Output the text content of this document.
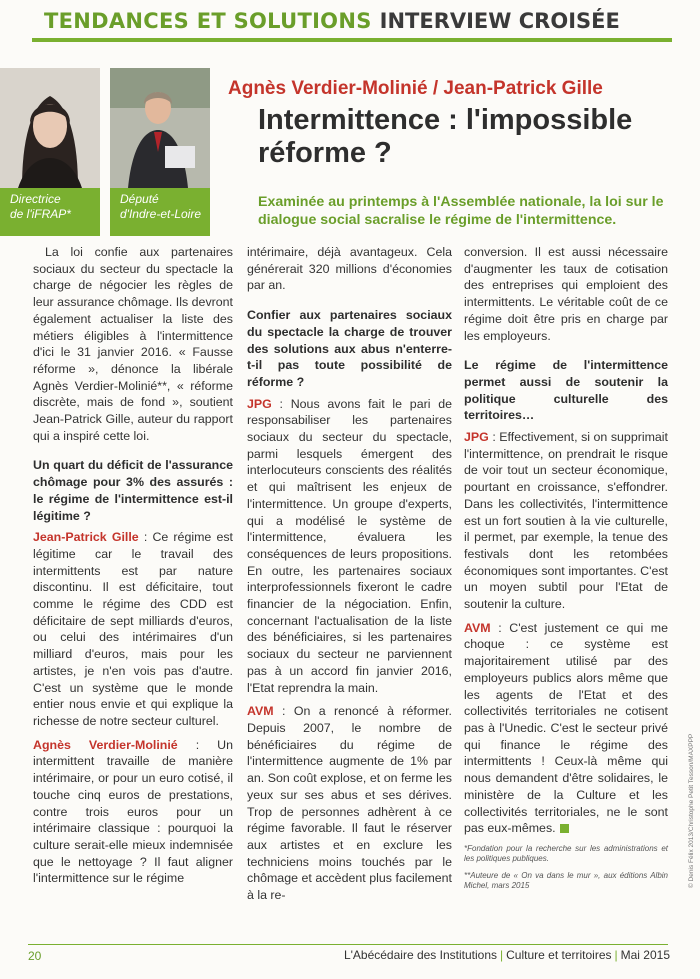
TENDANCES ET SOLUTIONS INTERVIEW CROISÉE
Directrice
de l'iFRAP*
Député
d'Indre-et-Loire
Agnès Verdier-Molinié / Jean-Patrick Gille
Intermittence : l'impossible
réforme ?
Examinée au printemps à l'Assemblée nationale, la loi sur le dialogue social sacralise le régime de l'intermittence.

La loi confie aux partenaires sociaux du secteur du spectacle la charge de négocier les règles de leur assurance chômage. Ils devront également actualiser la liste des métiers éligibles à l'intermittence d'ici le 31 janvier 2016. « Fausse réforme », dénonce la libérale Agnès Verdier-Molinié**, « réforme discrète, mais de fond », soutient Jean-Patrick Gille, auteur du rapport qui a inspiré cette loi.

Un quart du déficit de l'assurance chômage pour 3% des assurés : le régime de l'intermittence est-il légitime ?

Jean-Patrick Gille : Ce régime est légitime car le travail des intermittents est par nature discontinu. Il est déficitaire, tout comme le régime des CDD est déficitaire de sept milliards d'euros, ou celui des intérimaires d'un milliard d'euros, mais pour les artistes, je n'en vois pas d'autre. C'est un système que le monde entier nous envie et qui explique la richesse de notre secteur culturel.

Agnès Verdier-Molinié : Un intermittent travaille de manière intérimaire, or pour un euro cotisé, il touche cinq euros de prestations, contre trois euros pour un intérimaire classique : pourquoi la culture serait-elle mieux indemnisée que le nettoyage ? Il faut aligner l'intermittence sur le régime

intérimaire, déjà avantageux. Cela générerait 320 millions d'économies par an.

Confier aux partenaires sociaux du spectacle la charge de trouver des solutions aux abus n'enterre-t-il pas toute possibilité de réforme ?

JPG : Nous avons fait le pari de responsabiliser les partenaires sociaux du secteur du spectacle, parmi lesquels émergent des interlocuteurs conscients des réalités et qui maîtrisent les enjeux de l'intermittence. Un groupe d'experts, qui a modélisé le système de l'intermittence, évaluera les conséquences de leurs propositions. En outre, les partenaires sociaux interprofessionnels fixeront le cadre financier de la négociation. Enfin, concernant l'actualisation de la liste des bénéficiaires, si les partenaires sociaux du secteur ne parviennent pas à un accord fin janvier 2016, l'Etat reprendra la main.

AVM : On a renoncé à réformer. Depuis 2007, le nombre de bénéficiaires du régime de l'intermittence augmente de 1% par an. Son coût explose, et on ferme les yeux sur ses abus et ses dérives. Trop de personnes adhèrent à ce régime favorable. Il faut le réserver aux artistes et en exclure les techniciens moins touchés par le chômage et accèdent plus facilement à la re-

conversion. Il est aussi nécessaire d'augmenter les taux de cotisation des entreprises qui emploient des intermittents. Le véritable coût de ce régime doit être pris en charge par les employeurs.

Le régime de l'intermittence permet aussi de soutenir la politique culturelle des territoires…

JPG : Effectivement, si on supprimait l'intermittence, on prendrait le risque de voir tout un secteur économique, pourtant en croissance, s'effondrer. Dans les collectivités, l'intermittence est un fort soutien à la vie culturelle, il permet, par exemple, la tenue des festivals dont les retombées économiques sont importantes. C'est un moyen subtil pour l'Etat de soutenir la culture.

AVM : C'est justement ce qui me choque : ce système est majoritairement utilisé par des employeurs publics alors même que les agents de l'Etat et des collectivités territoriales ne cotisent pas à l'Unedic. C'est le secteur privé qui finance le régime des intermittents ! Ceux-là même qui nous demandent d'être solidaires, le ministère de la Culture et les collectivités territoriales, ne le sont pas eux-mêmes.

*Fondation pour la recherche sur les administrations et les politiques publiques.

**Auteure de « On va dans le mur », aux éditions Albin Michel, mars 2015	© Denis Félix 2013/Christophe Petit Tesson/MAXPPP
20	L'Abécédaire des Institutions | Culture et territoires | Mai 2015
